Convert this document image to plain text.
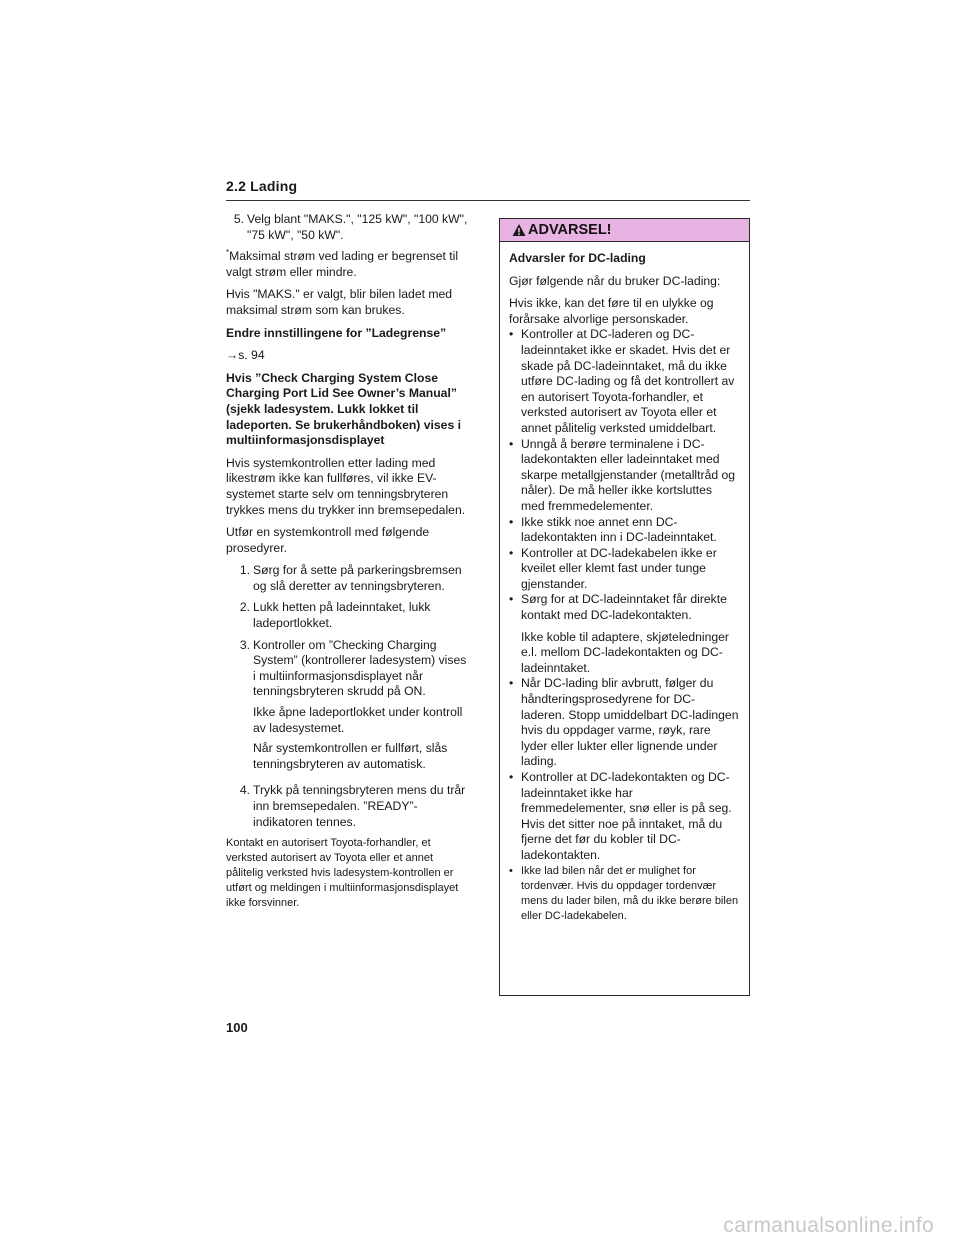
2.2 Lading
5. Velg blant "MAKS.", "125 kW", "100 kW", "75 kW", "50 kW".

*Maksimal strøm ved lading er begrenset til valgt strøm eller mindre.

Hvis "MAKS." er valgt, blir bilen ladet med maksimal strøm som kan brukes.

Endre innstillingene for ”Ladegrense”

→s. 94

Hvis ”Check Charging System Close Charging Port Lid See Owner’s Manual” (sjekk ladesystem. Lukk lokket til ladeporten. Se brukerhåndboken) vises i multiinformasjonsdisplayet

Hvis systemkontrollen etter lading med likestrøm ikke kan fullføres, vil ikke EV-systemet starte selv om tenningsbryteren trykkes mens du trykker inn bremsepedalen.

Utfør en systemkontroll med følgende prosedyrer.

1. Sørg for å sette på parkeringsbremsen og slå deretter av tenningsbryteren.
2. Lukk hetten på ladeinntaket, lukk ladeportlokket.
3. Kontroller om ”Checking Charging System” (kontrollerer ladesystem) vises i multiinformasjonsdisplayet når tenningsbryteren skrudd på ON.

Ikke åpne ladeportlokket under kontroll av ladesystemet.

Når systemkontrollen er fullført, slås tenningsbryteren av automatisk.

4. Trykk på tenningsbryteren mens du trår inn bremsepedalen. ”READY”-indikatoren tennes.

Kontakt en autorisert Toyota-forhandler, et verksted autorisert av Toyota eller et annet pålitelig verksted hvis ladesystem-kontrollen er utført og meldingen i multiinformasjonsdisplayet ikke forsvinner.

ADVARSEL!

Advarsler for DC-lading

Gjør følgende når du bruker DC-lading:

Hvis ikke, kan det føre til en ulykke og forårsake alvorlige personskader.

• Kontroller at DC-laderen og DC-ladeinntaket ikke er skadet. Hvis det er skade på DC-ladeinntaket, må du ikke utføre DC-lading og få det kontrollert av en autorisert Toyota-forhandler, et verksted autorisert av Toyota eller et annet pålitelig verksted umiddelbart.

• Unngå å berøre terminalene i DC-ladekontakten eller ladeinntaket med skarpe metallgjenstander (metalltråd og nåler). De må heller ikke kortsluttes med fremmedelementer.

• Ikke stikk noe annet enn DC-ladekontakten inn i DC-ladeinntaket.

• Kontroller at DC-ladekabelen ikke er kveilet eller klemt fast under tunge gjenstander.

• Sørg for at DC-ladeinntaket får direkte kontakt med DC-ladekontakten.

Ikke koble til adaptere, skjøteledninger e.l. mellom DC-ladekontakten og DC-ladeinntaket.

• Når DC-lading blir avbrutt, følger du håndteringsprosedyrene for DC-laderen. Stopp umiddelbart DC-ladingen hvis du oppdager varme, røyk, rare lyder eller lukter eller lignende under lading.

• Kontroller at DC-ladekontakten og DC-ladeinntaket ikke har fremmedelementer, snø eller is på seg. Hvis det sitter noe på inntaket, må du fjerne det før du kobler til DC-ladekontakten.

• Ikke lad bilen når det er mulighet for tordenvær. Hvis du oppdager tordenvær mens du lader bilen, må du ikke berøre bilen eller DC-ladekabelen.

100
carmanualsonline.info
